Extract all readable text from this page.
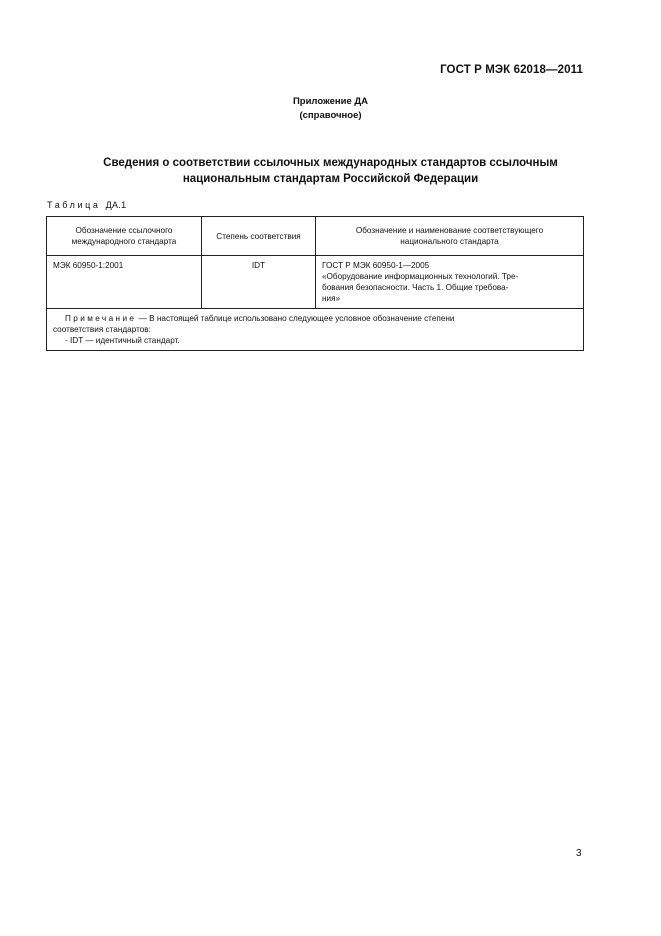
ГОСТ Р МЭК 62018—2011
Приложение ДА
(справочное)
Сведения о соответствии ссылочных международных стандартов ссылочным
национальным стандартам Российской Федерации
Таблица ДА.1
Обозначение ссылочного
международного стандарта	Степень соответствия	Обозначение и наименование соответствующего
национального стандарта

МЭК 60950-1:2001	IDT	ГОСТ Р МЭК 60950-1—2005
«Оборудование информационных технологий. Тре-
бования безопасности. Часть 1. Общие требова-
ния»

Примечание — В настоящей таблице использовано следующее условное обозначение степени
соответствия стандартов:
- IDT — идентичный стандарт.		
3
